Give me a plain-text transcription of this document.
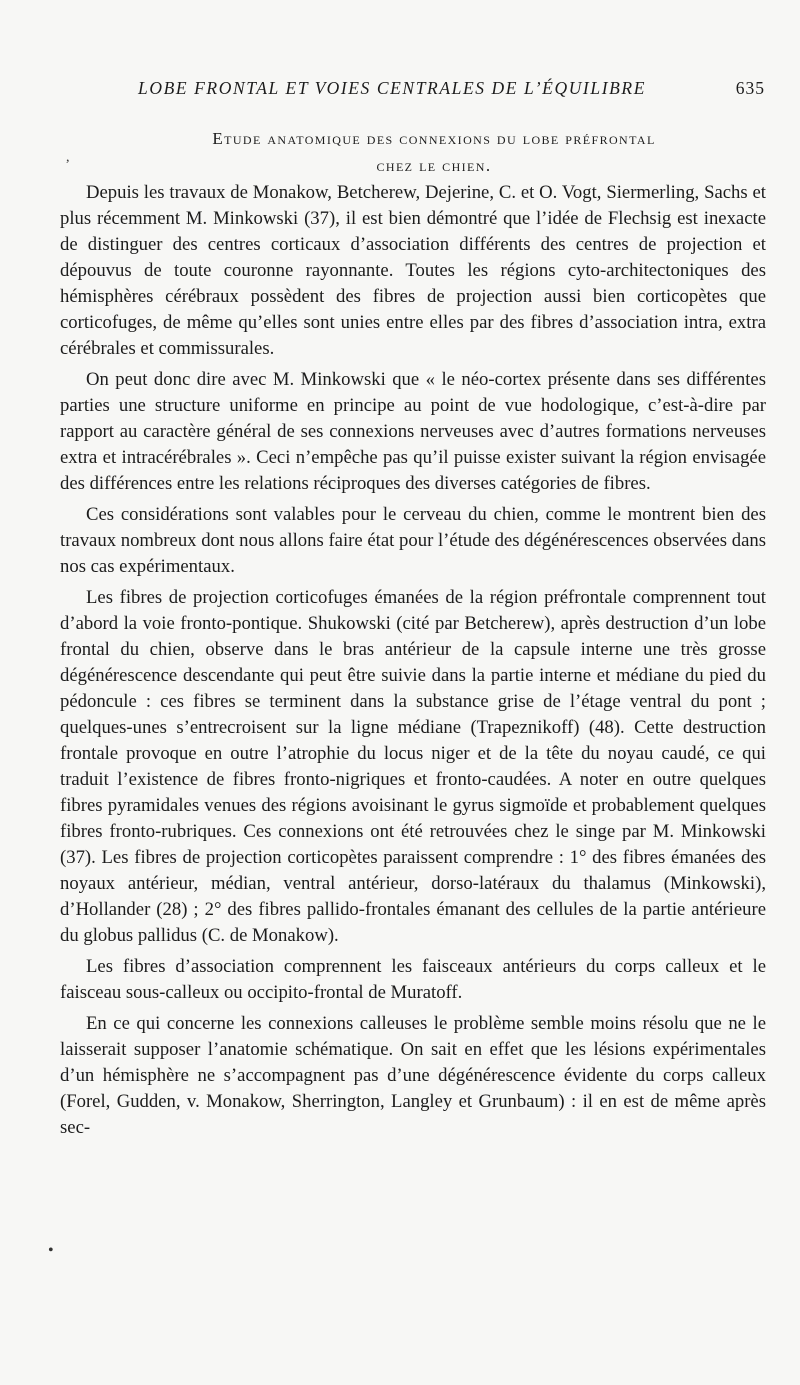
LOBE FRONTAL ET VOIES CENTRALES DE L’ÉQUILIBRE	635
,
Etude anatomique des connexions du lobe préfrontal
chez le chien.

Depuis les travaux de Monakow, Betcherew, Dejerine, C. et O. Vogt, Siermerling, Sachs et plus récemment M. Minkowski (37), il est bien démontré que l’idée de Flechsig est inexacte de distinguer des centres corticaux d’association différents des centres de projection et dépouvus de toute couronne rayonnante. Toutes les régions cyto-architectoniques des hémisphères cérébraux possèdent des fibres de projection aussi bien corticopètes que corticofuges, de même qu’elles sont unies entre elles par des fibres d’association intra, extra cérébrales et commissurales.

On peut donc dire avec M. Minkowski que « le néo-cortex présente dans ses différentes parties une structure uniforme en principe au point de vue hodologique, c’est-à-dire par rapport au caractère général de ses connexions nerveuses avec d’autres formations nerveuses extra et intracérébrales ». Ceci n’empêche pas qu’il puisse exister suivant la région envisagée des différences entre les relations réciproques des diverses catégories de fibres.

Ces considérations sont valables pour le cerveau du chien, comme le montrent bien des travaux nombreux dont nous allons faire état pour l’étude des dégénérescences observées dans nos cas expérimentaux.

Les fibres de projection corticofuges émanées de la région préfrontale comprennent tout d’abord la voie fronto-pontique. Shukowski (cité par Betcherew), après destruction d’un lobe frontal du chien, observe dans le bras antérieur de la capsule interne une très grosse dégénérescence descendante qui peut être suivie dans la partie interne et médiane du pied du pédoncule : ces fibres se terminent dans la substance grise de l’étage ventral du pont ; quelques-unes s’entrecroisent sur la ligne médiane (Trapeznikoff) (48). Cette destruction frontale provoque en outre l’atrophie du locus niger et de la tête du noyau caudé, ce qui traduit l’existence de fibres fronto-nigriques et fronto-caudées. A noter en outre quelques fibres pyramidales venues des régions avoisinant le gyrus sigmoïde et probablement quelques fibres fronto-rubriques. Ces connexions ont été retrouvées chez le singe par M. Minkowski (37). Les fibres de projection corticopètes paraissent comprendre : 1° des fibres émanées des noyaux antérieur, médian, ventral antérieur, dorso-latéraux du thalamus (Minkowski), d’Hollander (28) ; 2° des fibres pallido-frontales émanant des cellules de la partie antérieure du globus pallidus (C. de Monakow).

Les fibres d’association comprennent les faisceaux antérieurs du corps calleux et le faisceau sous-calleux ou occipito-frontal de Muratoff.

En ce qui concerne les connexions calleuses le problème semble moins résolu que ne le laisserait supposer l’anatomie schématique. On sait en effet que les lésions expérimentales d’un hémisphère ne s’accompagnent pas d’une dégénérescence évidente du corps calleux (Forel, Gudden, v. Monakow, Sherrington, Langley et Grunbaum) : il en est de même après sec-

•
